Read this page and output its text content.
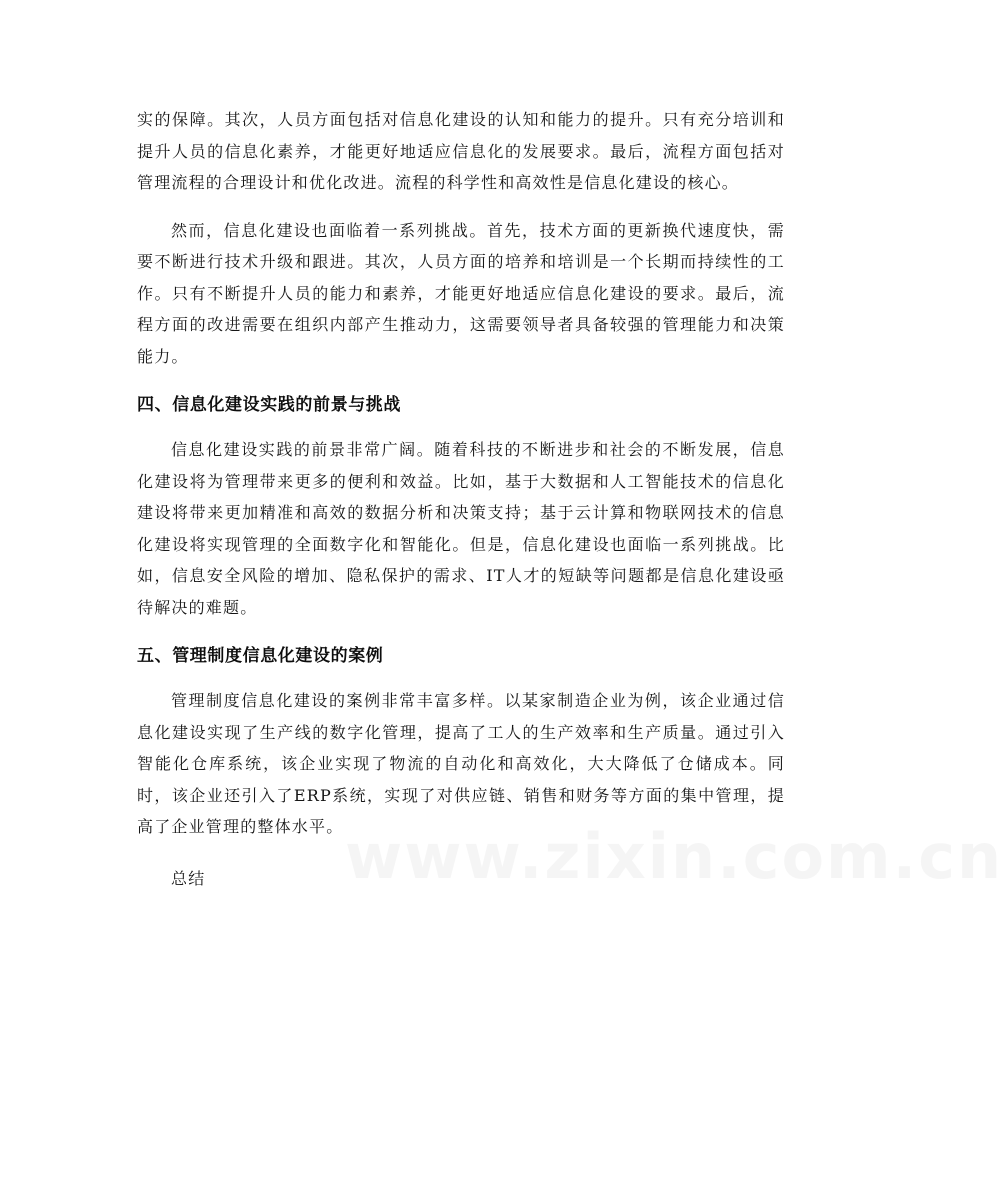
实的保障。其次，人员方面包括对信息化建设的认知和能力的提升。只有充分培训和提升人员的信息化素养，才能更好地适应信息化的发展要求。最后，流程方面包括对管理流程的合理设计和优化改进。流程的科学性和高效性是信息化建设的核心。

然而，信息化建设也面临着一系列挑战。首先，技术方面的更新换代速度快，需要不断进行技术升级和跟进。其次，人员方面的培养和培训是一个长期而持续性的工作。只有不断提升人员的能力和素养，才能更好地适应信息化建设的要求。最后，流程方面的改进需要在组织内部产生推动力，这需要领导者具备较强的管理能力和决策能力。

四、信息化建设实践的前景与挑战

信息化建设实践的前景非常广阔。随着科技的不断进步和社会的不断发展，信息化建设将为管理带来更多的便利和效益。比如，基于大数据和人工智能技术的信息化建设将带来更加精准和高效的数据分析和决策支持；基于云计算和物联网技术的信息化建设将实现管理的全面数字化和智能化。但是，信息化建设也面临一系列挑战。比如，信息安全风险的增加、隐私保护的需求、IT人才的短缺等问题都是信息化建设亟待解决的难题。

五、管理制度信息化建设的案例

管理制度信息化建设的案例非常丰富多样。以某家制造企业为例，该企业通过信息化建设实现了生产线的数字化管理，提高了工人的生产效率和生产质量。通过引入智能化仓库系统，该企业实现了物流的自动化和高效化，大大降低了仓储成本。同时，该企业还引入了ERP系统，实现了对供应链、销售和财务等方面的集中管理，提高了企业管理的整体水平。

总结	www.zixin.com.cn
